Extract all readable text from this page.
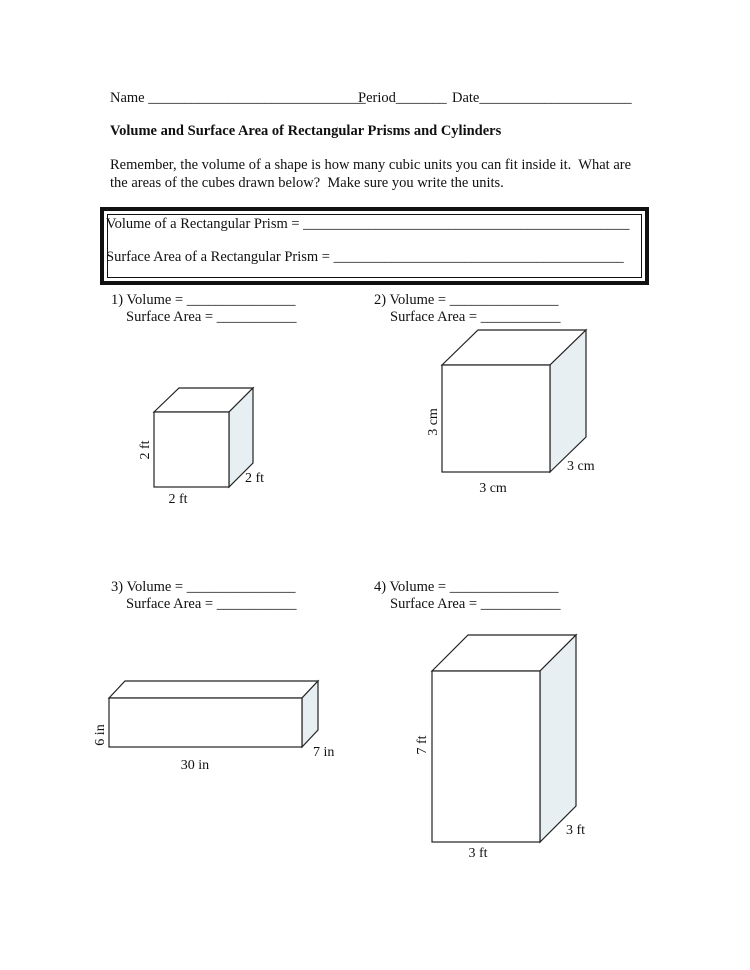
Name ______________________________
Period_______ Date_____________________
Volume and Surface Area of Rectangular Prisms and Cylinders
Remember, the volume of a shape is how many cubic units you can fit inside it.  What are
the areas of the cubes drawn below?  Make sure you write the units.
Volume of a Rectangular Prism = _____________________________________________
Surface Area of a Rectangular Prism = ________________________________________
1) Volume = _______________
Surface Area = ___________
2) Volume = _______________
Surface Area = ___________
3) Volume = _______________
Surface Area = ___________
4) Volume = _______________
Surface Area = ___________
2 ft
2 ft
2 ft
3 cm
3 cm
3 cm
6 in
7 in
30 in
7 ft
3 ft
3 ft
